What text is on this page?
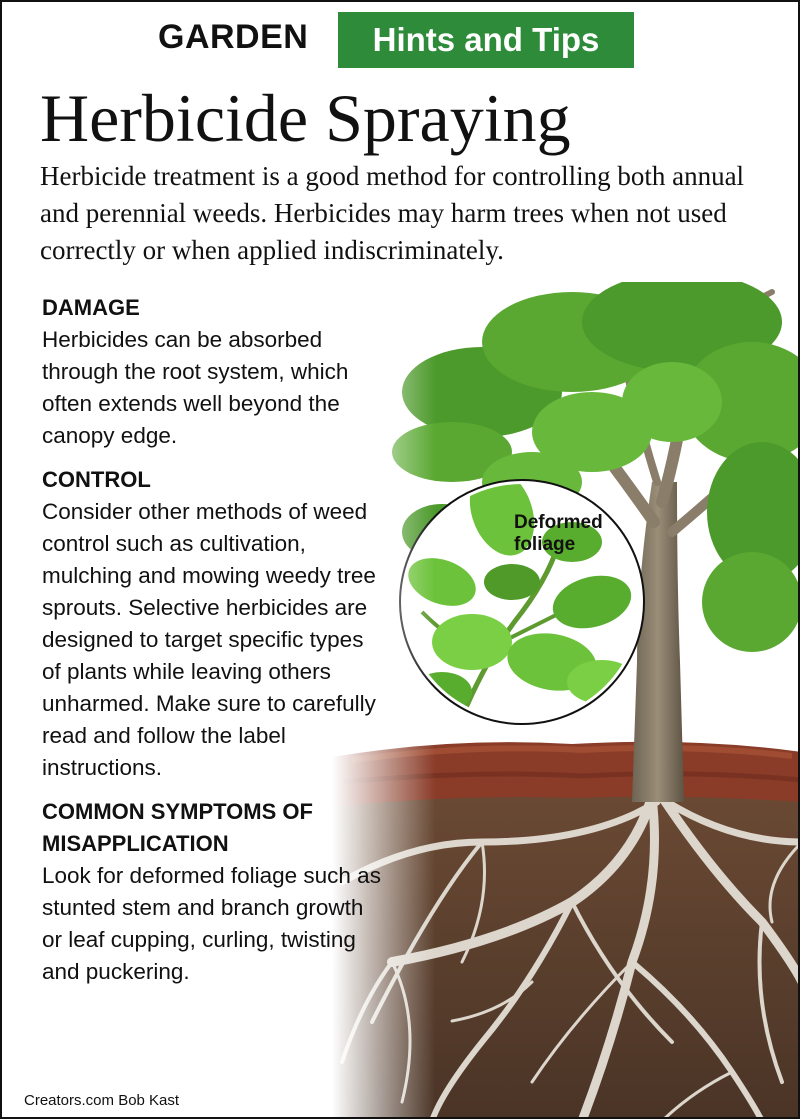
GARDEN	Hints and Tips
Herbicide Spraying

Herbicide treatment is a good method for controlling both annual and perennial weeds. Herbicides may harm trees when not used correctly or when applied indiscriminately.

DAMAGE

Herbicides can be absorbed through the root system, which often extends well beyond the canopy edge.

CONTROL

Consider other methods of weed control such as cultivation, mulching and mowing weedy tree sprouts. Selective herbicides are designed to target specific types of plants while leaving others unharmed. Make sure to carefully read and follow the label instructions.

COMMON SYMPTOMS OF MISAPPLICATION

Look for deformed foliage such as stunted stem and branch growth or leaf cupping, curling, twisting and puckering.

Creators.com Bob Kast
